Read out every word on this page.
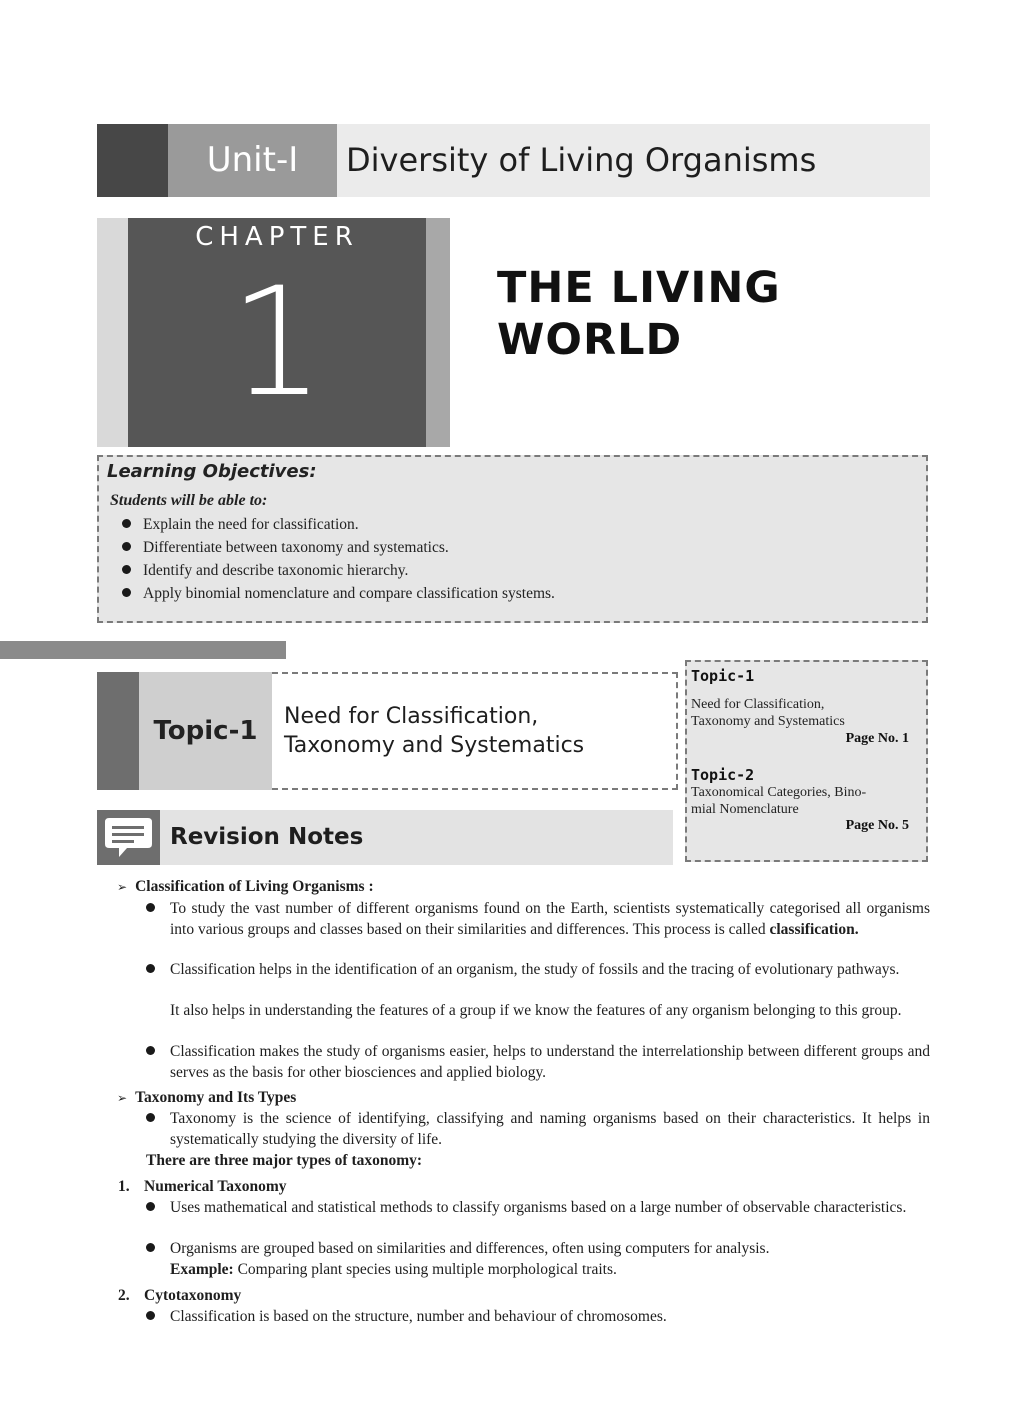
Unit-I	Diversity of Living Organisms
CHAPTER
1	THE LIVING
WORLD
Learning Objectives:
Students will be able to:
Explain the need for classification.
Differentiate between taxonomy and systematics.
Identify and describe taxonomic hierarchy.
Apply binomial nomenclature and compare classification systems.
Topic-1	Need for Classification,
Taxonomy and Systematics
Topic-1
Need for Classification,
Taxonomy and Systematics
Page No. 1
Topic-2
Taxonomical Categories, Bino-
mial Nomenclature
Page No. 5
Revision Notes
➢ Classification of Living Organisms :
To study the vast number of different organisms found on the Earth, scientists systematically categorised all organisms into various groups and classes based on their similarities and differences. This process is called classification.
Classification helps in the identification of an organism, the study of fossils and the tracing of evolutionary pathways.
It also helps in understanding the features of a group if we know the features of any organism belonging to this group.
Classification makes the study of organisms easier, helps to understand the interrelationship between different groups and serves as the basis for other biosciences and applied biology.
➢ Taxonomy and Its Types
Taxonomy is the science of identifying, classifying and naming organisms based on their characteristics. It helps in systematically studying the diversity of life.
There are three major types of taxonomy:
1. Numerical Taxonomy
Uses mathematical and statistical methods to classify organisms based on a large number of observable characteristics.
Organisms are grouped based on similarities and differences, often using computers for analysis.
Example: Comparing plant species using multiple morphological traits.
2. Cytotaxonomy
Classification is based on the structure, number and behaviour of chromosomes.
